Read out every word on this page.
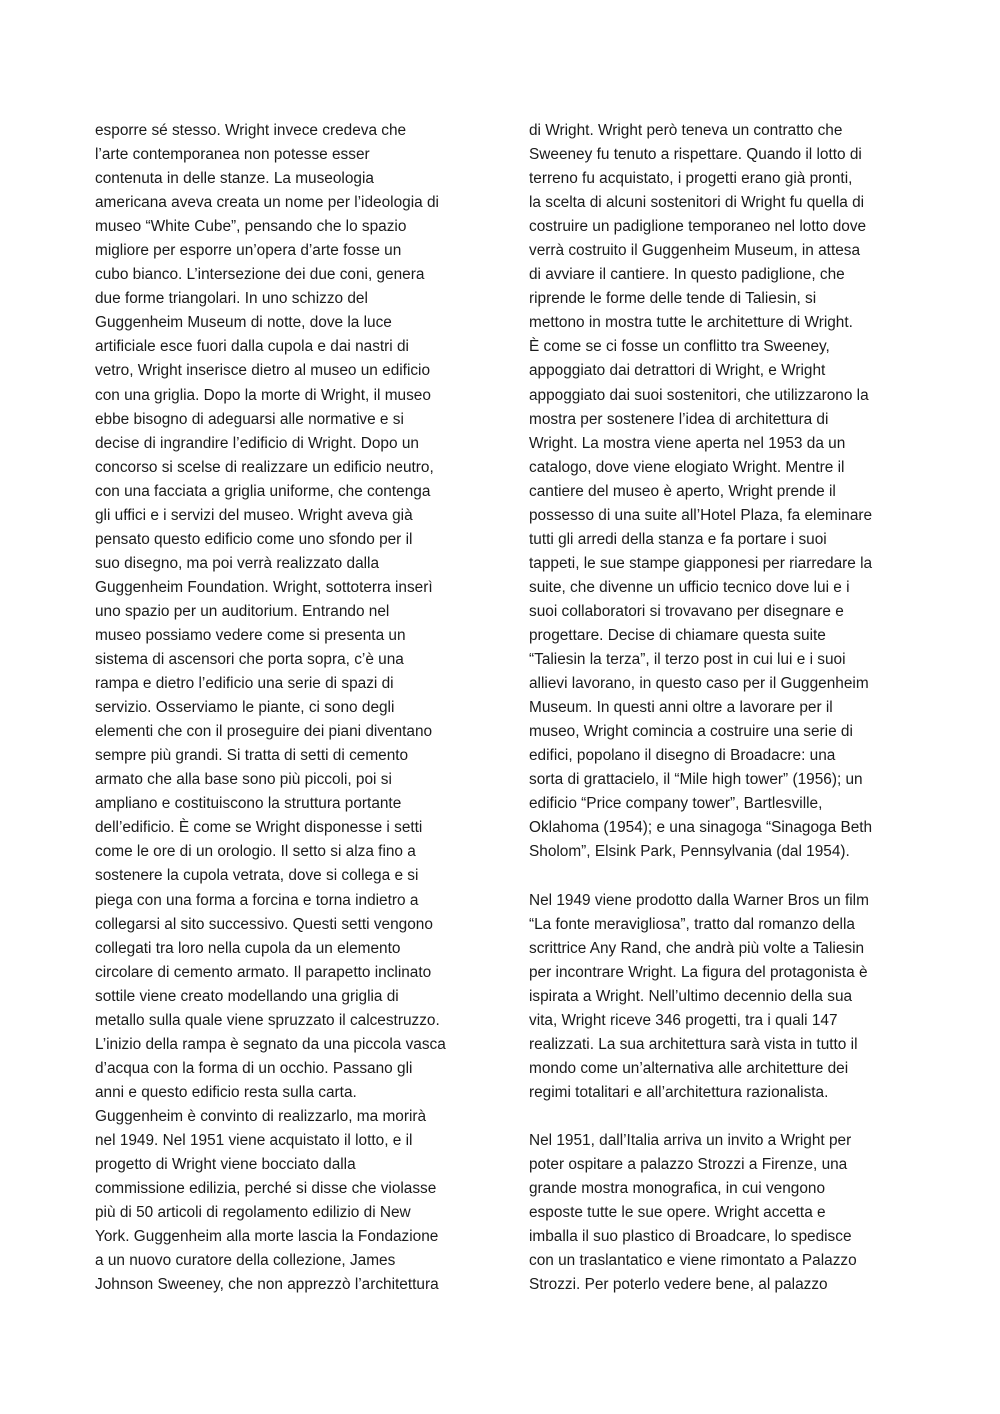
esporre sé stesso. Wright invece credeva che
l’arte contemporanea non potesse esser
contenuta in delle stanze. La museologia
americana aveva creata un nome per l’ideologia di
museo “White Cube”, pensando che lo spazio
migliore per esporre un’opera d’arte fosse un
cubo bianco. L’intersezione dei due coni, genera
due forme triangolari. In uno schizzo del
Guggenheim Museum di notte, dove la luce
artificiale esce fuori dalla cupola e dai nastri di
vetro, Wright inserisce dietro al museo un edificio
con una griglia. Dopo la morte di Wright, il museo
ebbe bisogno di adeguarsi alle normative e si
decise di ingrandire l’edificio di Wright. Dopo un
concorso si scelse di realizzare un edificio neutro,
con una facciata a griglia uniforme, che contenga
gli uffici e i servizi del museo. Wright aveva già
pensato questo edificio come uno sfondo per il
suo disegno, ma poi verrà realizzato dalla
Guggenheim Foundation. Wright, sottoterra inserì
uno spazio per un auditorium. Entrando nel
museo possiamo vedere come si presenta un
sistema di ascensori che porta sopra, c’è una
rampa e dietro l’edificio una serie di spazi di
servizio. Osserviamo le piante, ci sono degli
elementi che con il proseguire dei piani diventano
sempre più grandi. Si tratta di setti di cemento
armato che alla base sono più piccoli, poi si
ampliano e costituiscono la struttura portante
dell’edificio. È come se Wright disponesse i setti
come le ore di un orologio. Il setto si alza fino a
sostenere la cupola vetrata, dove si collega e si
piega con una forma a forcina e torna indietro a
collegarsi al sito successivo. Questi setti vengono
collegati tra loro nella cupola da un elemento
circolare di cemento armato. Il parapetto inclinato
sottile viene creato modellando una griglia di
metallo sulla quale viene spruzzato il calcestruzzo.
L’inizio della rampa è segnato da una piccola vasca
d’acqua con la forma di un occhio. Passano gli
anni e questo edificio resta sulla carta.
Guggenheim è convinto di realizzarlo, ma morirà
nel 1949. Nel 1951 viene acquistato il lotto, e il
progetto di Wright viene bocciato dalla
commissione edilizia, perché si disse che violasse
più di 50 articoli di regolamento edilizio di New
York. Guggenheim alla morte lascia la Fondazione
a un nuovo curatore della collezione, James
Johnson Sweeney, che non apprezzò l’architettura
di Wright. Wright però teneva un contratto che
Sweeney fu tenuto a rispettare. Quando il lotto di
terreno fu acquistato, i progetti erano già pronti,
la scelta di alcuni sostenitori di Wright fu quella di
costruire un padiglione temporaneo nel lotto dove
verrà costruito il Guggenheim Museum, in attesa
di avviare il cantiere. In questo padiglione, che
riprende le forme delle tende di Taliesin, si
mettono in mostra tutte le architetture di Wright.
È come se ci fosse un conflitto tra Sweeney,
appoggiato dai detrattori di Wright, e Wright
appoggiato dai suoi sostenitori, che utilizzarono la
mostra per sostenere l’idea di architettura di
Wright. La mostra viene aperta nel 1953 da un
catalogo, dove viene elogiato Wright. Mentre il
cantiere del museo è aperto, Wright prende il
possesso di una suite all’Hotel Plaza, fa eleminare
tutti gli arredi della stanza e fa portare i suoi
tappeti, le sue stampe giapponesi per riarredare la
suite, che divenne un ufficio tecnico dove lui e i
suoi collaboratori si trovavano per disegnare e
progettare. Decise di chiamare questa suite
“Taliesin la terza”, il terzo post in cui lui e i suoi
allievi lavorano, in questo caso per il Guggenheim
Museum. In questi anni oltre a lavorare per il
museo, Wright comincia a costruire una serie di
edifici, popolano il disegno di Broadacre: una
sorta di grattacielo, il “Mile high tower” (1956); un
edificio “Price company tower”, Bartlesville,
Oklahoma (1954); e una sinagoga “Sinagoga Beth
Sholom”, Elsink Park, Pennsylvania (dal 1954).
Nel 1949 viene prodotto dalla Warner Bros un film
“La fonte meravigliosa”, tratto dal romanzo della
scrittrice Any Rand, che andrà più volte a Taliesin
per incontrare Wright. La figura del protagonista è
ispirata a Wright. Nell’ultimo decennio della sua
vita, Wright riceve 346 progetti, tra i quali 147
realizzati. La sua architettura sarà vista in tutto il
mondo come un’alternativa alle architetture dei
regimi totalitari e all’architettura razionalista.
Nel 1951, dall’Italia arriva un invito a Wright per
poter ospitare a palazzo Strozzi a Firenze, una
grande mostra monografica, in cui vengono
esposte tutte le sue opere. Wright accetta e
imballa il suo plastico di Broadcare, lo spedisce
con un traslantatico e viene rimontato a Palazzo
Strozzi. Per poterlo vedere bene, al palazzo
